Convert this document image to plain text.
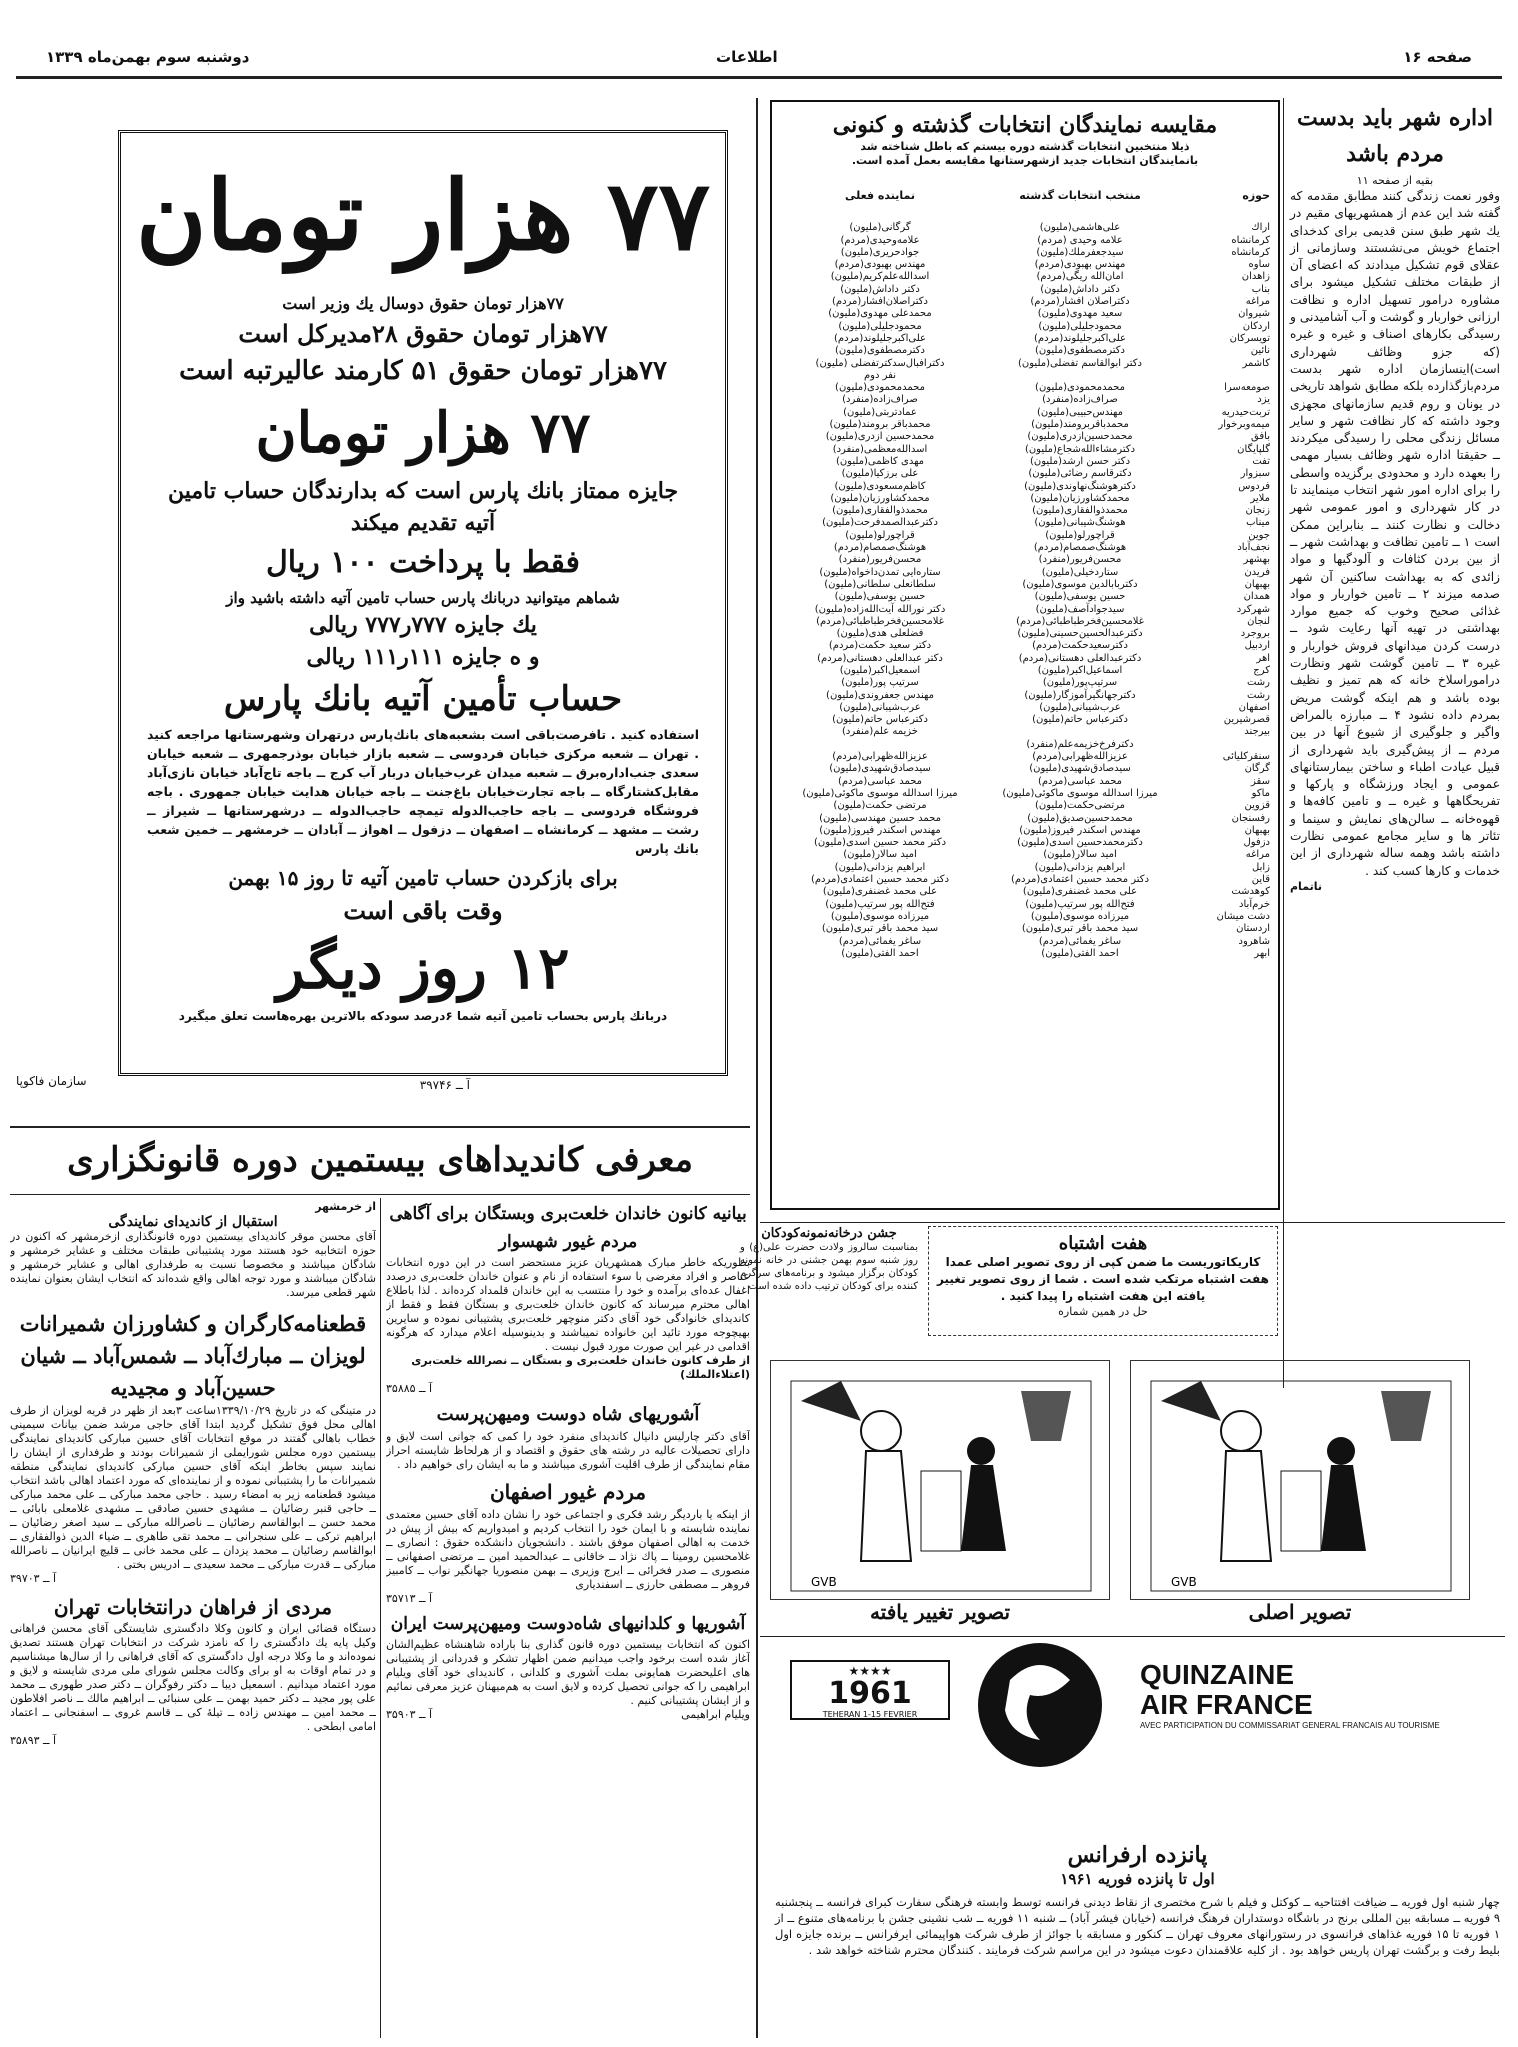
صفحه ۱۶
اطلاعات
دوشنبه سوم بهمن‌ماه ۱۳۳۹
۷۷ هزار تومان
۷۷هزار تومان حقوق دوسال یك وزیر است
۷۷هزار تومان حقوق ۲۸مدیرکل است
۷۷هزار تومان حقوق ۵۱ کارمند عالیرتبه است
۷۷ هزار تومان
جایزه ممتاز بانك پارس است که بدارندگان حساب تامین آتیه تقدیم میکند
فقط با پرداخت ۱۰۰ ریال
شماهم میتوانید دربانك پارس حساب تامین آتیه داشته باشید واز
یك جایزه ۷۷۷ر۷۷۷ ریالی
و ه جایزه ۱۱۱ر۱۱۱ ریالی
حساب تأمین آتیه بانك پارس
استفاده کنید . تافرصت‌باقی است بشعبه‌های بانك‌پارس درتهران وشهرستانها مراجعه کنید . تهران ــ شعبه مرکزی خیابان فردوسی ــ شعبه بازار خیابان بوذرجمهری ــ شعبه خیابان سعدی جنب‌اداره‌برق ــ شعبه میدان غرب‌خیابان دربار آب کرج ــ باجه تاج‌آباد خیابان نازی‌آباد مقابل‌کشتارگاه ــ باجه تجارت‌خیابان باغ‌جنت ــ باجه خیابان هدایت خیابان جمهوری . باجه فروشگاه فردوسی ــ باجه حاجب‌الدوله تیمچه حاجب‌الدوله ــ درشهرستانها ــ شیراز ــ رشت ــ مشهد ــ کرمانشاه ــ اصفهان ــ دزفول ــ اهواز ــ آبادان ــ خرمشهر ــ خمین شعب بانك پارس
برای بازکردن حساب تامین آتیه تا روز ۱۵ بهمن
وقت باقی است
۱۲ روز دیگر
دربانك پارس بحساب تامین آتیه شما ۶درصد سودکه بالاترین بهره‌هاست تعلق میگیرد
آ ــ ۳۹۷۴۶
سازمان فاکوپا
مقایسه نمایندگان انتخابات گذشته و کنونی
ذیلا منتخبین انتخابات گذشته دوره بیستم که باطل شناخته شد بانمایندگان انتخابات جدید ازشهرستانها مقایسه بعمل آمده است.
حوزه
منتخب انتخابات گذشته
نماینده فعلی
اراك
علی‌هاشمی(ملیون)
گرگانی(ملیون)
کرمانشاه
علامه وحیدی (مردم)
علامه‌وحیدی(مردم)
کرمانشاه
سیدجعفرملك(ملیون)
جوادحریری(ملیون)
ساوه
مهندس بهبودی(مردم)
مهندس بهبودی(مردم)
زاهدان
امان‌الله ریگی(مردم)
اسدالله‌علم‌کریم(ملیون)
بناب
دکتر داداش(ملیون)
دکتر داداش(ملیون)
مراغه
دکتراصلان افشار(مردم)
دکتراصلان‌افشار(مردم)
شیروان
سعید مهدوی(ملیون)
محمدعلی مهدوی(ملیون)
اردکان
محمودجلیلی(ملیون)
محمودجلیلی(ملیون)
تویسرکان
علی‌اکبرجلیلوند(مردم)
علی‌اکبرجلیلوند(مردم)
نائین
دکترمصطفوی(ملیون)
دکترمصطفوی(ملیون)
کاشمر
دکتر ابوالقاسم تفضلی(ملیون)
دکترافبال‌سدکتر‌تفضلی (ملیون)
نفر دوم
صومعه‌سرا
محمدمحمودی(ملیون)
محمدمحمودی(ملیون)
یزد
صراف‌زاده(منفرد)
صراف‌زاده(منفرد)
تربت‌حیدریه
مهندس‌حبیبی(ملیون)
عمادتربتی(ملیون)
میمه‌وبرخوار
محمدباقربرومند(ملیون)
محمدباقر برومند(ملیون)
بافق
محمدحسین‌ازدری(ملیون)
محمدحسین ازدری(ملیون)
گلپایگان
دکترمشاءالله‌شجاع(ملیون)
اسدالله‌معظمی(منفرد)
تفت
دکتر حسن ارشد(ملیون)
مهدی کاظمی(ملیون)
سبزوار
دکترقاسم رضائی(ملیون)
علی برزکیا(ملیون)
فردوس
دکترهوشنگ‌نهاوندی(ملیون)
کاظم‌مسعودی(ملیون)
ملایر
محمدکشاورزیان(ملیون)
محمدکشاورزیان(ملیون)
زنجان
محمدذوالفقاری(ملیون)
محمدذوالفقاری(ملیون)
میناب
هوشنگ‌شیبانی(ملیون)
دکترعبدالصمدفرحت(ملیون)
جوین
قراچورلو(ملیون)
قراچورلو(ملیون)
نجف‌آباد
هوشنگ‌صمصام(مردم)
هوشنگ‌صمصام(مردم)
بهشهر
محسن‌فریور(منفرد)
محسن‌فریور(منفرد)
فریدن
ستاردخیلی(ملیون)
ستاره‌ایی تمدن‌داخواه(ملیون)
بهبهان
دکتربابالدین موسوی(ملیون)
سلطانعلی سلطانی(ملیون)
همدان
حسین یوسفی(ملیون)
حسین یوسفی(ملیون)
شهرکرد
سیدجواد‌آصف(ملیون)
دکتر نورالله آیت‌الله‌زاده(ملیون)
لنجان
غلامحسین‌فخرطباطبائی(مردم)
غلامحسین‌فخرطباطبائی(مردم)
بروجرد
دکترعبدالحسین‌حسینی(ملیون)
فضلعلی هدی(ملیون)
اردبیل
دکترسعیدحکمت(مردم)
دکتر سعید حکمت(مردم)
اهر
دکترعبدالعلی دهستانی(مردم)
دکتر عبدالعلی دهستانی(مردم)
کرج
اسماعیل‌اکبر(ملیون)
اسمعیل‌اکبر(ملیون)
رشت
سرتیپ‌پور(ملیون)
سرتیپ پور(ملیون)
رشت
دکترجهانگیرآموزگار(ملیون)
مهندس جعفروندی(ملیون)
اصفهان
عرب‌شیبانی(ملیون)
عرب‌شیبانی(ملیون)
قصرشیرین
دکترعباس حاتم(ملیون)
دکترعباس حاتم(ملیون)
بیرجند
خزیمه علم(منفرد)
دکترفرخ‌خزیمه‌علم(منفرد)
سنقرکلیائی
عزیزالله‌ظهرابی(مردم)
عزیزالله‌ظهرابی(مردم)
گرگان
سیدصادق‌شهیدی(ملیون)
سیدصادق‌شهیدی(ملیون)
سقز
محمد عباسی(مردم)
محمد عباسی(مردم)
ماکو
میرزا اسدالله موسوی ماکوئی(ملیون)
میرزا اسدالله موسوی ماکوئی(ملیون)
قزوین
مرتضی‌حکمت(ملیون)
مرتضی حکمت(ملیون)
رفسنجان
محمدحسین‌صدیق(ملیون)
محمد حسین مهندسی(ملیون)
بهبهان
مهندس اسکندر فیروز(ملیون)
مهندس اسکندر فیروز(ملیون)
دزفول
دکترمحمدحسین اسدی(ملیون)
دکتر محمد حسین اسدی(ملیون)
مراغه
امید سالار(ملیون)
امید سالار(ملیون)
زابل
ابراهیم یزدانی(ملیون)
ابراهیم یزدانی(ملیون)
قاین
دکتر محمد حسین اعتمادی(مردم)
دکتر محمد حسین اعتمادی(مردم)
کوهدشت
علی محمد غضنفری(ملیون)
علی محمد غضنفری(ملیون)
خرم‌آباد
فتح‌الله پور سرتیپ(ملیون)
فتح‌الله پور سرتیپ(ملیون)
دشت میشان
میرزاده موسوی(ملیون)
میرزاده موسوی(ملیون)
اردستان
سید محمد باقر تبری(ملیون)
سید محمد باقر تبری(ملیون)
شاهرود
ساغر یغمائی(مردم)
ساغر یغمائی(مردم)
ابهر
احمد الفتی(ملیون)
احمد الفتی(ملیون)
اداره شهر باید بدست مردم باشد
بقیه از صفحه ۱۱
وفور نعمت زندگی کنند مطابق مقدمه که گفته شد این عدم از همشهریهای مقیم در یك شهر طبق سنن قدیمی برای کدخدای اجتماع خویش می‌نشستند وسازمانی از عقلای قوم تشکیل میدادند که اعضای آن از طبقات مختلف تشکیل میشود برای مشاوره درامور تسهیل اداره و نظافت ارزانی خواربار و گوشت و آب آشامیدنی و رسیدگی بکارهای اصناف و غیره و غیره (که جزو وظائف شهرداری است)اینسازمان اداره شهر بدست مردم‌بازگذارده بلکه مطابق شواهد تاریخی در یونان و روم قدیم سازمانهای مجهزی وجود داشته که کار نظافت شهر و سایر مسائل زندگی محلی را رسیدگی میکردند ــ حقیقتا اداره شهر وظائف بسیار مهمی را بعهده دارد و محدودی برگزیده واسطی را برای اداره امور شهر انتخاب مینمایند تا در کار شهرداری و امور عمومی شهر دخالت و نظارت کنند ــ بنابراین ممکن است ۱ ــ تامین نظافت و بهداشت شهر ــ از بین بردن کثافات و آلودگیها و مواد زائدی که به بهداشت ساکنین آن شهر صدمه میزند ۲ ــ تامین خواربار و مواد غذائی صحیح وخوب که جمیع موارد بهداشتی در تهیه آنها رعایت شود ــ درست کردن میدانهای فروش خواربار و غیره ۳ ــ تامین گوشت شهر ونظارت دراموراسلاخ خانه که هم تمیز و نظیف بوده باشد و هم اینکه گوشت مریض بمردم داده نشود ۴ ــ مبارزه بالمراض واگیر و جلوگیری از شیوع آنها در بین مردم ــ از پیش‌گیری باید شهرداری از قبیل عیادت اطباء و ساختن بیمارستانهای عمومی و ایجاد ورزشگاه و پارکها و تفریحگاهها و غیره ــ و تامین کافه‌ها و قهوه‌خانه ــ سالن‌های نمایش و سینما و تئاتر ها و سایر مجامع عمومی نظارت داشته باشد وهمه ساله شهرداری از این خدمات و کارها کسب کند .
ناتمام
معرفی کاندیداهای بیستمین دوره قانونگزاری
از خرمشهر
استقبال از کاندیدای نمایندگی
آقای محسن موقر کاندیدای بیستمین دوره قانونگذاری ازخرمشهر که اکنون در حوزه انتخابیه خود هستند مورد پشتیبانی طبقات مختلف و عشایر خرمشهر و شادگان میباشند و مخصوصا نسبت به طرفداری اهالی و عشایر خرمشهر و شادگان میباشند و مورد توجه اهالی واقع شده‌اند که انتخاب ایشان بعنوان نماینده شهر قطعی میرسد.
قطعنامه‌کارگران و کشاورزان شمیرانات لویزان ــ مبارك‌آباد ــ شمس‌آباد ــ شیان حسین‌آباد و مجیدیه
در متینگی که در تاریخ ۱۳۳۹/۱۰/۲۹ساعت ۳بعد از ظهر در قریه لویزان از طرف اهالی محل فوق تشکیل گردید ابتدا آقای حاجی مرشد ضمن بیانات سیمینی خطاب باهالی گفتند در موقع انتخابات آقای حسین مبارکی کاندیدای نمایندگی بیستمین دوره مجلس شورایملی از شمیرانات بودند و طرفداری از ایشان را نمایند سپس بخاطر اینکه آقای حسین مبارکی کاندیدای نمایندگی منطقه شمیرانات ما را پشتیبانی نموده و از نماینده‌ای که مورد اعتماد اهالی باشد انتخاب میشود قطعنامه زیر به امضاء رسید . حاجی محمد مبارکی ــ علی محمد مبارکی ــ حاجی قنبر رضائیان ــ مشهدی حسین صادقی ــ مشهدی غلامعلی بابائی ــ محمد حسن ــ ابوالقاسم رضائیان ــ ناصرالله مبارکی ــ سید اصغر رضائیان ــ ابراهیم ترکی ــ علی سنجرانی ــ محمد تقی طاهری ــ ضیاء الدین ذوالفقاری ــ ابوالقاسم رضائیان ــ محمد یزدان ــ علی محمد خانی ــ قلیچ ایرانیان ــ ناصرالله مبارکی ــ قدرت مبارکی ــ محمد سعیدی ــ ادریس بختی .
آ ــ ۳۹۷۰۳
مردی از فراهان درانتخابات تهران
دستگاه قضائی ایران و کانون وکلا دادگستری شایستگی آقای محسن فراهانی وکیل پایه یك دادگستری را که نامزد شرکت در انتخابات تهران هستند تصدیق نموده‌اند و ما وکلا درجه اول دادگستری که آقای فراهانی را از سال‌ها میشناسیم و در تمام اوقات به او برای وکالت مجلس شورای ملی مردی شایسته و لایق و مورد اعتماد میدانیم . اسمعیل دیبا ــ دکتر رفوگران ــ دکتر صدر طهوری ــ محمد علی پور مجید ــ دکتر حمید بهمن ــ علی سنبائی ــ ابراهیم مالك ــ ناصر افلاطون ــ محمد امین ــ مهندس زاده ــ تیلهٔ کی ــ قاسم غروی ــ اسفنجانی ــ اعتماد امامی ابطحی .
آ ــ ۳۵۸۹۳
بیانیه کانون خاندان خلعت‌بری وبستگان برای آگاهی مردم غیور شهسوار
بطوریکه خاطر مبارک همشهریان عزیز مستحضر است در این دوره انتخابات عناصر و افراد مغرضی با سوء استفاده از نام و عنوان خاندان خلعت‌بری درصدد اغفال عده‌ای برآمده و خود را منتسب به این خاندان قلمداد کرده‌اند . لذا باطلاع اهالی محترم میرساند که کانون خاندان خلعت‌بری و بستگان فقط و فقط از کاندیدای خانوادگی خود آقای دکتر منوچهر خلعت‌بری پشتیبانی نموده و سایرین بهیچوجه مورد تائید این خانواده نمیباشند و بدینوسیله اعلام میدارد که هرگونه اقدامی در غیر این صورت مورد قبول نیست .
از طرف کانون خاندان خلعت‌بری و بستگان ــ نصرالله خلعت‌بری (اعتلاءالملك)
آ ــ ۳۵۸۸۵
آشوریهای شاه دوست ومیهن‌پرست
آقای دکتر چارلیس دانیال کاندیدای منفرد خود را کمی که جوانی است لایق و دارای تحصیلات عالیه در رشته های حقوق و اقتصاد و از هرلحاظ شایسته احراز مقام نمایندگی از طرف اقلیت آشوری میباشند و ما به ایشان رای خواهیم داد .
مردم غیور اصفهان
از اینکه یا باردیگر رشد فکری و اجتماعی خود را نشان داده آقای حسین معتمدی نماینده شایسته و با ایمان خود را انتخاب کردیم و امیدواریم که بیش از پیش در خدمت به اهالی اصفهان موفق باشند . دانشجویان دانشکده حقوق : انصاری ــ غلامحسین رومینا ــ پاك نژاد ــ خاقانی ــ عبدالحمید امین ــ مرتضی اصفهانی ــ منصوری ــ صدر فخرائی ــ ایرج وزیری ــ بهمن منصوریا جهانگیر نواب ــ کامبیز فروهر ــ مصطفی حارزی ــ اسفندیاری
آ ــ ۳۵۷۱۳
آشوریها و کلدانیهای شاه‌دوست ومیهن‌پرست ایران
اکنون که انتخابات بیستمین دوره قانون گذاری بنا باراده شاهنشاه عظیم‌الشان آغاز شده است برخود واجب میدانیم ضمن اظهار تشکر و قدردانی از پشتیبانی های اعلیحضرت همایونی بملت آشوری و کلدانی ، کاندیدای خود آقای ویلیام ابراهیمی را که جوانی تحصیل کرده و لایق است به هم‌میهنان عزیز معرفی نمائیم و از ایشان پشتیبانی کنیم .
ویلیام ابراهیمی
آ ــ ۳۵۹۰۳
جشن درخانه‌نمونه‌کودکان
بمناسبت سالروز ولادت حضرت علی(ع) و روز شنبه سوم بهمن جشنی در خانه نمونه کودکان برگزار میشود و برنامه‌های سرگرم کننده برای کودکان ترتیب داده شده است .
هفت اشتباه
کاریکاتوریست ما ضمن کپی از روی تصویر اصلی عمدا هفت اشتباه مرتکب شده است . شما از روی تصویر تغییر یافته این هفت اشتباه را پیدا کنید .
حل در همین شماره
GVB	GVB
تصویر تغییر یافته	تصویر اصلی
★★★★
1961
TEHERAN 1-15 FEVRIER
QUINZAINE
AIR FRANCE
AVEC PARTICIPATION DU COMMISSARIAT GENERAL FRANCAIS AU TOURISME
پانزده ارفرانس
اول تا پانزده فوریه ۱۹۶۱
چهار شنبه اول فوریه ــ ضیافت افتتاحیه ــ کوکتل و فیلم با شرح مختصری از نقاط دیدنی فرانسه توسط وابسته فرهنگی سفارت کبرای فرانسه ــ پنجشنبه ۹ فوریه ــ مسابقه بین المللی برنج در باشگاه دوستداران فرهنگ فرانسه (خیابان فیشر آباد) ــ شنبه ۱۱ فوریه ــ شب نشینی جشن با برنامه‌های متنوع ــ از ۱ فوریه تا ۱۵ فوریه غذاهای فرانسوی در رستورانهای معروف تهران ــ کنکور و مسابقه با جوائز از طرف شرکت هواپیمائی ایرفرانس ــ برنده جایزه اول بلیط رفت و برگشت تهران پاریس خواهد بود . از کلیه علاقمندان دعوت میشود در این مراسم شرکت فرمایند . کنندگان محترم شناخته خواهد شد .
